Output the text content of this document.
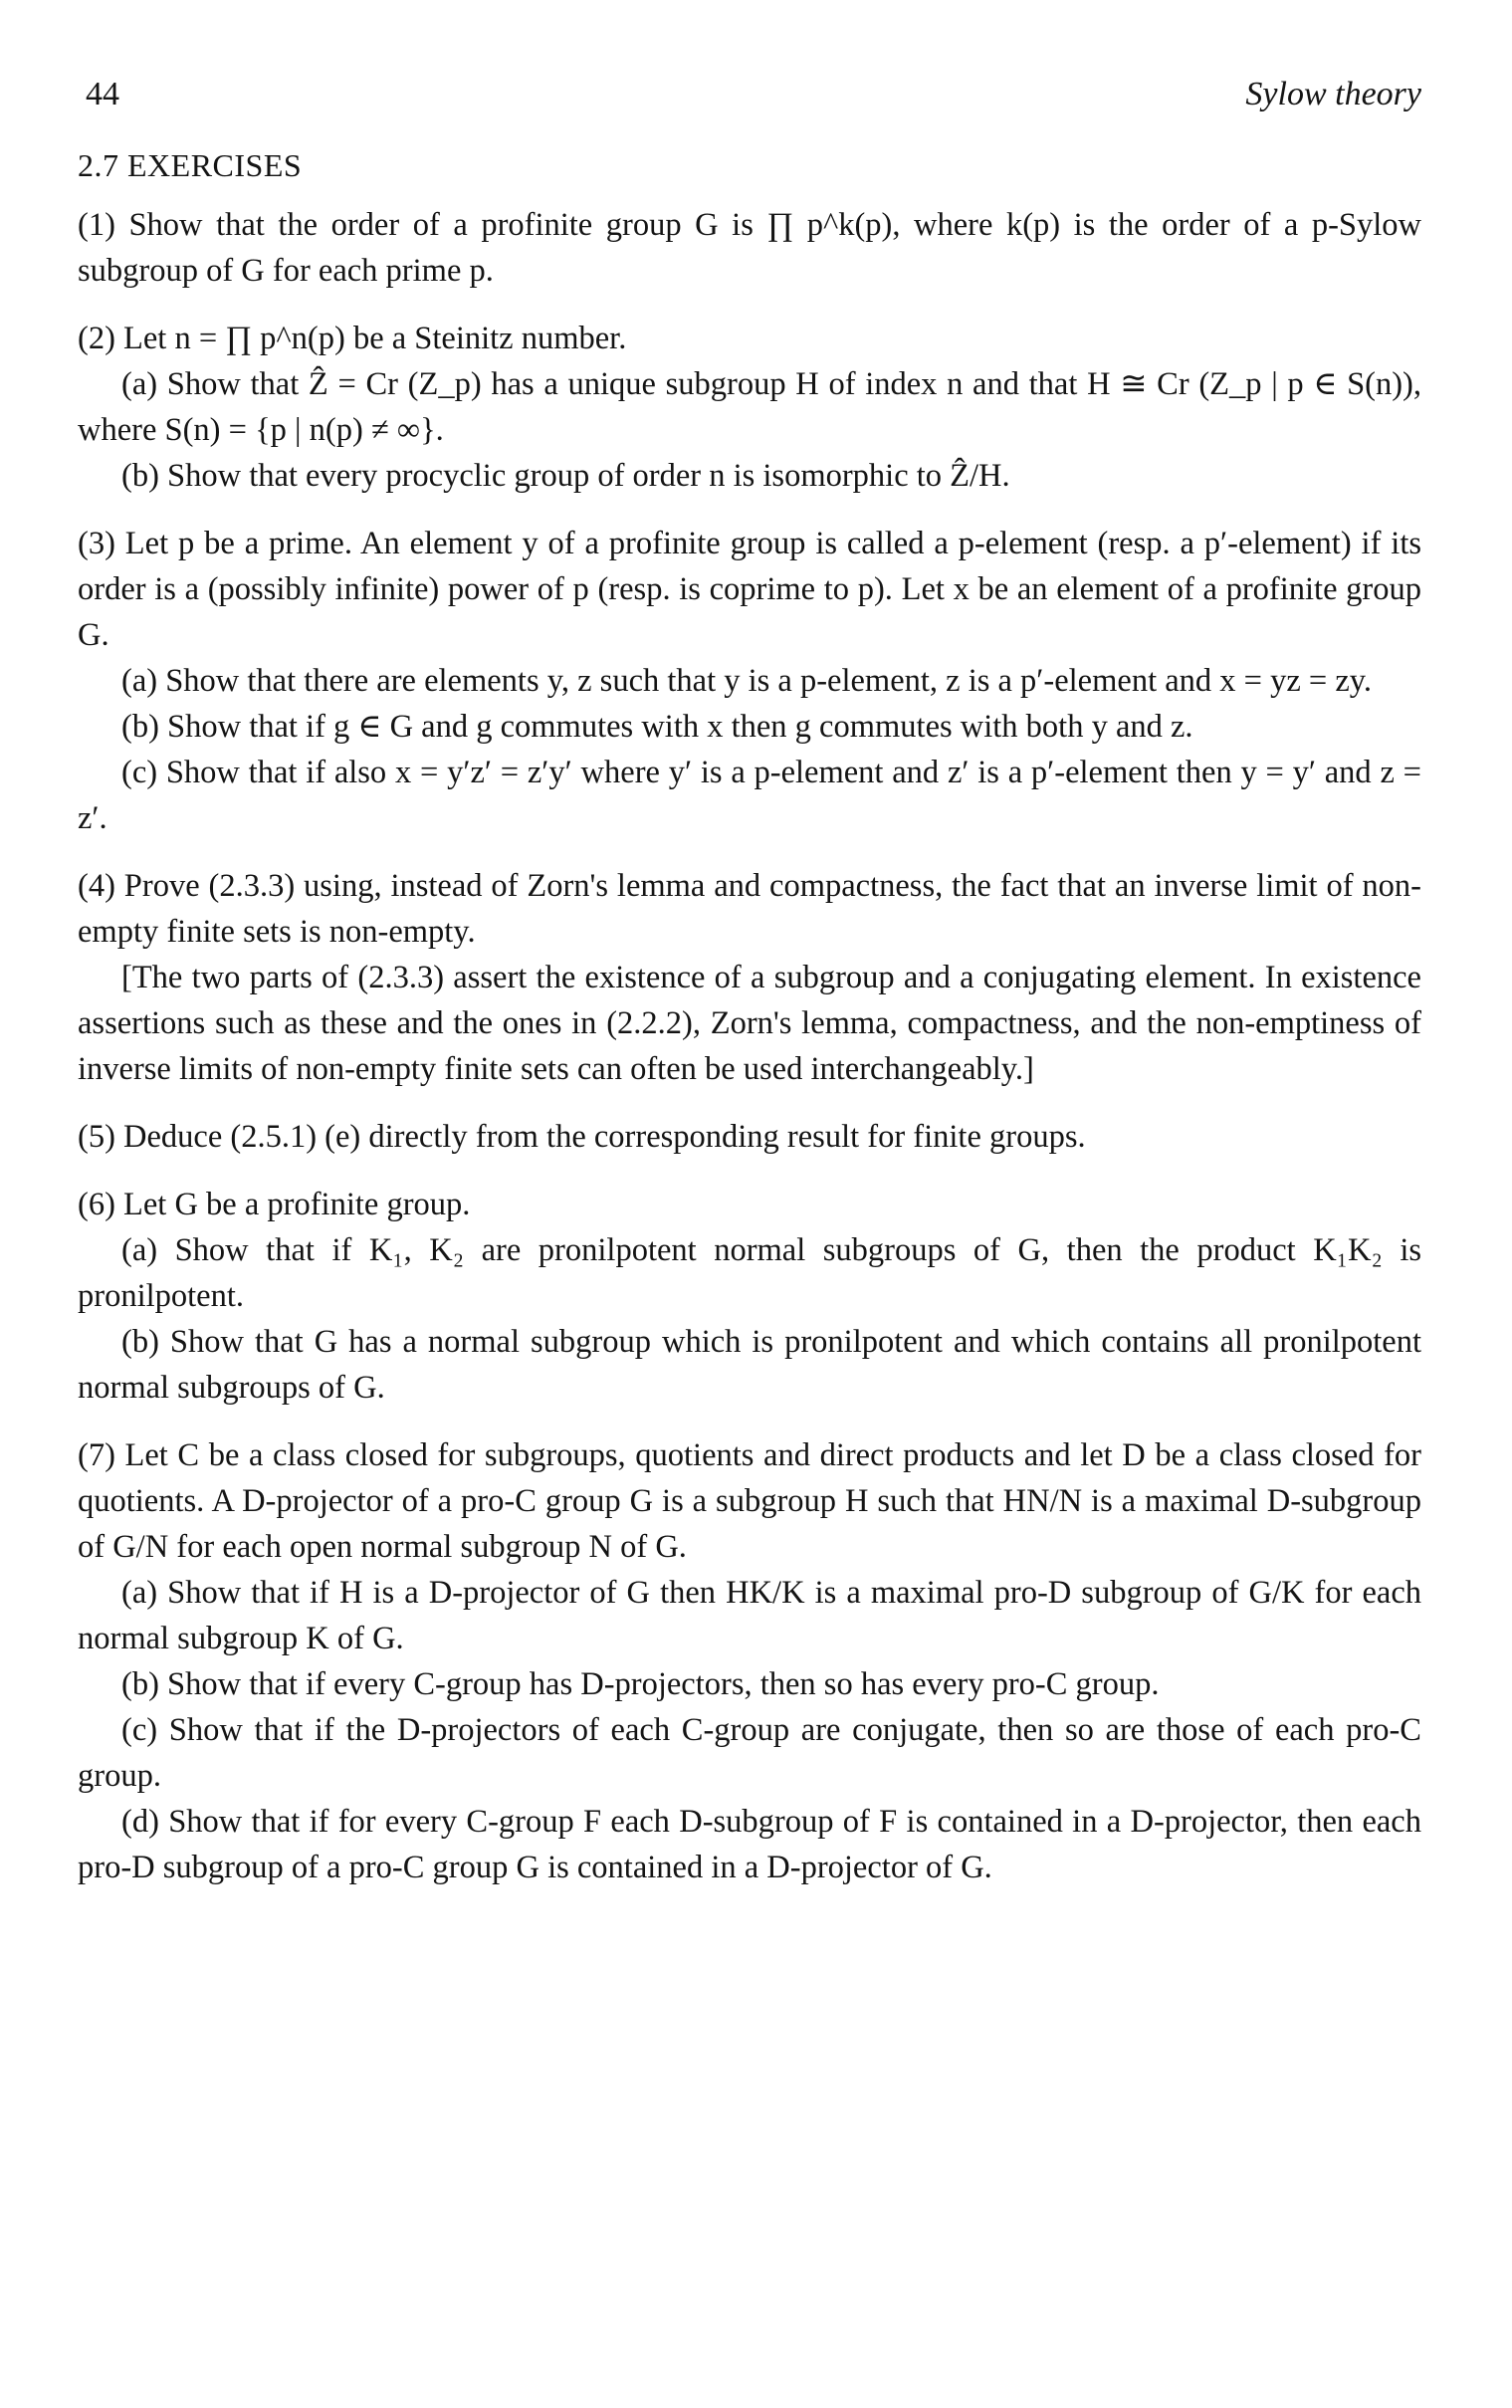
44	Sylow theory
2.7 EXERCISES

(1) Show that the order of a profinite group G is ∏ p^k(p), where k(p) is the order of a p-Sylow subgroup of G for each prime p.

(2) Let n = ∏ p^n(p) be a Steinitz number.

(a) Show that Ẑ = Cr (Z_p) has a unique subgroup H of index n and that H ≅ Cr (Z_p | p ∈ S(n)), where S(n) = {p | n(p) ≠ ∞}.

(b) Show that every procyclic group of order n is isomorphic to Ẑ/H.

(3) Let p be a prime. An element y of a profinite group is called a p-element (resp. a p′-element) if its order is a (possibly infinite) power of p (resp. is coprime to p). Let x be an element of a profinite group G.

(a) Show that there are elements y, z such that y is a p-element, z is a p′-element and x = yz = zy.

(b) Show that if g ∈ G and g commutes with x then g commutes with both y and z.

(c) Show that if also x = y′z′ = z′y′ where y′ is a p-element and z′ is a p′-element then y = y′ and z = z′.

(4) Prove (2.3.3) using, instead of Zorn's lemma and compactness, the fact that an inverse limit of non-empty finite sets is non-empty.

[The two parts of (2.3.3) assert the existence of a subgroup and a conjugating element. In existence assertions such as these and the ones in (2.2.2), Zorn's lemma, compactness, and the non-emptiness of inverse limits of non-empty finite sets can often be used interchangeably.]

(5) Deduce (2.5.1) (e) directly from the corresponding result for finite groups.

(6) Let G be a profinite group.

(a) Show that if K₁, K₂ are pronilpotent normal subgroups of G, then the product K₁K₂ is pronilpotent.

(b) Show that G has a normal subgroup which is pronilpotent and which contains all pronilpotent normal subgroups of G.

(7) Let C be a class closed for subgroups, quotients and direct products and let D be a class closed for quotients. A D-projector of a pro-C group G is a subgroup H such that HN/N is a maximal D-subgroup of G/N for each open normal subgroup N of G.

(a) Show that if H is a D-projector of G then HK/K is a maximal pro-D subgroup of G/K for each normal subgroup K of G.

(b) Show that if every C-group has D-projectors, then so has every pro-C group.

(c) Show that if the D-projectors of each C-group are conjugate, then so are those of each pro-C group.

(d) Show that if for every C-group F each D-subgroup of F is contained in a D-projector, then each pro-D subgroup of a pro-C group G is contained in a D-projector of G.
